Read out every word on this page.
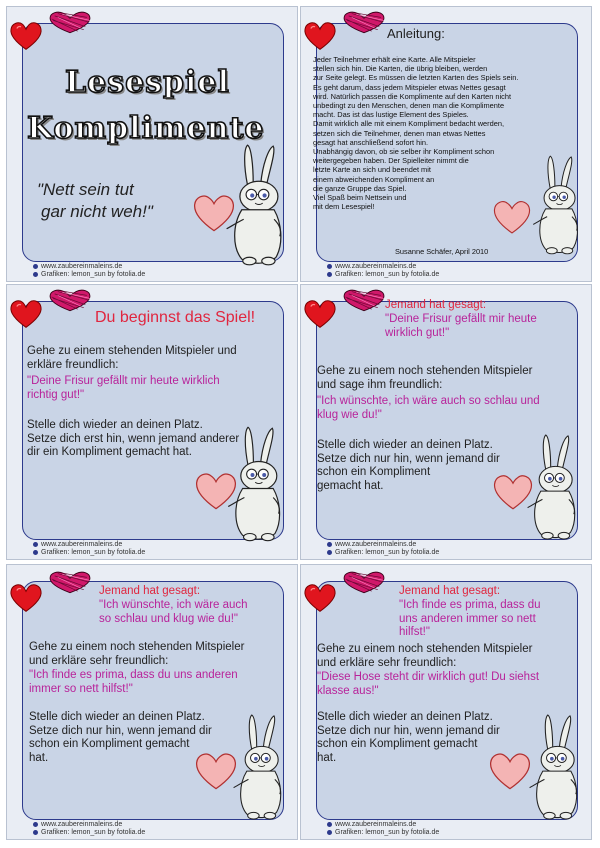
Lesespiel
Komplimente
"Nett sein tut
gar nicht weh!"
www.zaubereinmaleins.de
Grafiken: lemon_sun by fotolia.de
Anleitung:
Jeder Teilnehmer erhält eine Karte. Alle Mitspieler
stellen sich hin. Die Karten, die übrig bleiben, werden
zur Seite gelegt. Es müssen die letzten Karten des Spiels sein.
Es geht darum, dass jedem Mitspieler etwas Nettes gesagt
wird. Natürlich passen die Komplimente auf den Karten nicht
unbedingt zu den Menschen, denen man die Komplimente
macht. Das ist das lustige Element des Spieles.
Damit wirklich alle mit einem Kompliment bedacht werden,
setzen sich die Teilnehmer, denen man etwas Nettes
gesagt hat anschließend sofort hin.
Unabhängig davon, ob sie selber ihr Kompliment schon
weitergegeben haben. Der Spielleiter nimmt die
letzte Karte an sich und beendet mit
einem abweichenden Kompliment an
die ganze Gruppe das Spiel.
Viel Spaß beim Nettsein und
mit dem Lesespiel!
Susanne Schäfer, April 2010
www.zaubereinmaleins.de
Grafiken: lemon_sun by fotolia.de
Du beginnst das Spiel!
Gehe zu einem stehenden Mitspieler und
erkläre freundlich:
"Deine Frisur gefällt mir heute wirklich
richtig gut!"
Stelle dich wieder an deinen Platz.
Setze dich erst hin, wenn jemand anderer
dir ein Kompliment gemacht hat.
www.zaubereinmaleins.de
Grafiken: lemon_sun by fotolia.de
Jemand hat gesagt:
"Deine Frisur gefällt mir heute
wirklich gut!"
Gehe zu einem noch stehenden Mitspieler
und sage ihm freundlich:
"Ich wünschte, ich wäre auch so schlau und
klug wie du!"
Stelle dich wieder an deinen Platz.
Setze dich nur hin, wenn jemand dir
schon ein Kompliment
gemacht hat.
www.zaubereinmaleins.de
Grafiken: lemon_sun by fotolia.de
Jemand hat gesagt:
"Ich wünschte, ich wäre auch
so schlau und klug wie du!"
Gehe zu einem noch stehenden Mitspieler
und erkläre sehr freundlich:
"Ich finde es prima, dass du uns anderen
immer so nett hilfst!"
Stelle dich wieder an deinen Platz.
Setze dich nur hin, wenn jemand dir
schon ein Kompliment gemacht
hat.
www.zaubereinmaleins.de
Grafiken: lemon_sun by fotolia.de
Jemand hat gesagt:
"Ich finde es prima, dass du
uns anderen immer so nett
hilfst!"
Gehe zu einem noch stehenden Mitspieler
und erkläre sehr freundlich:
"Diese Hose steht dir wirklich gut! Du siehst
klasse aus!"
Stelle dich wieder an deinen Platz.
Setze dich nur hin, wenn jemand dir
schon ein Kompliment gemacht
hat.
www.zaubereinmaleins.de
Grafiken: lemon_sun by fotolia.de
